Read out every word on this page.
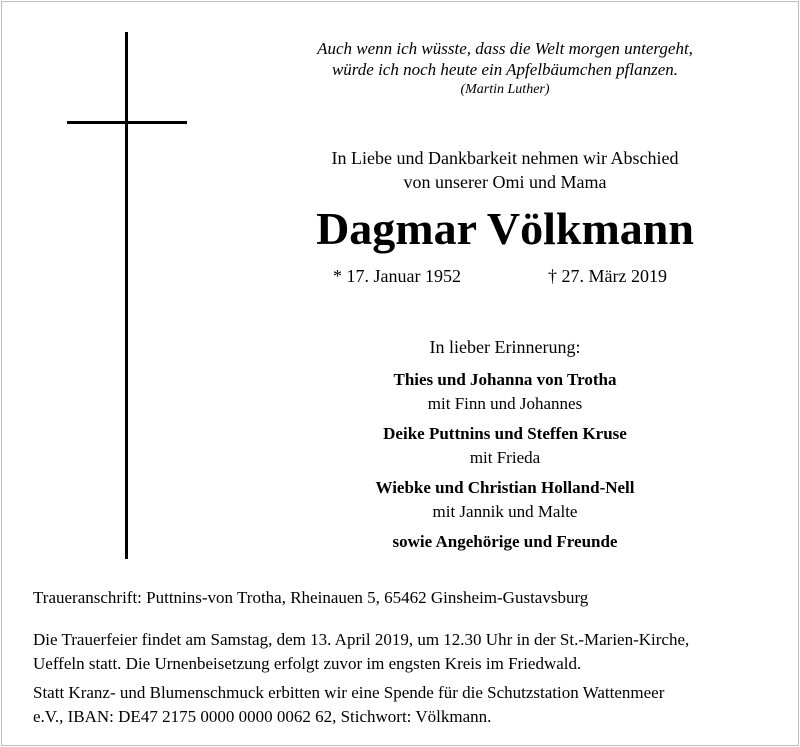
Auch wenn ich wüsste, dass die Welt morgen untergeht,
würde ich noch heute ein Apfelbäumchen pflanzen.
(Martin Luther)
In Liebe und Dankbarkeit nehmen wir Abschied
von unserer Omi und Mama
Dagmar Völkmann
* 17. Januar 1952	† 27. März 2019
In lieber Erinnerung:
Thies und Johanna von Trotha
mit Finn und Johannes
Deike Puttnins und Steffen Kruse
mit Frieda
Wiebke und Christian Holland-Nell
mit Jannik und Malte
sowie Angehörige und Freunde
Traueranschrift: Puttnins-von Trotha, Rheinauen 5, 65462 Ginsheim-Gustavsburg
Die Trauerfeier findet am Samstag, dem 13. April 2019, um 12.30 Uhr in der St.-Marien-Kirche,
Ueffeln statt. Die Urnenbeisetzung erfolgt zuvor im engsten Kreis im Friedwald.
Statt Kranz- und Blumenschmuck erbitten wir eine Spende für die Schutzstation Wattenmeer
e.V., IBAN: DE47 2175 0000 0000 0062 62, Stichwort: Völkmann.
